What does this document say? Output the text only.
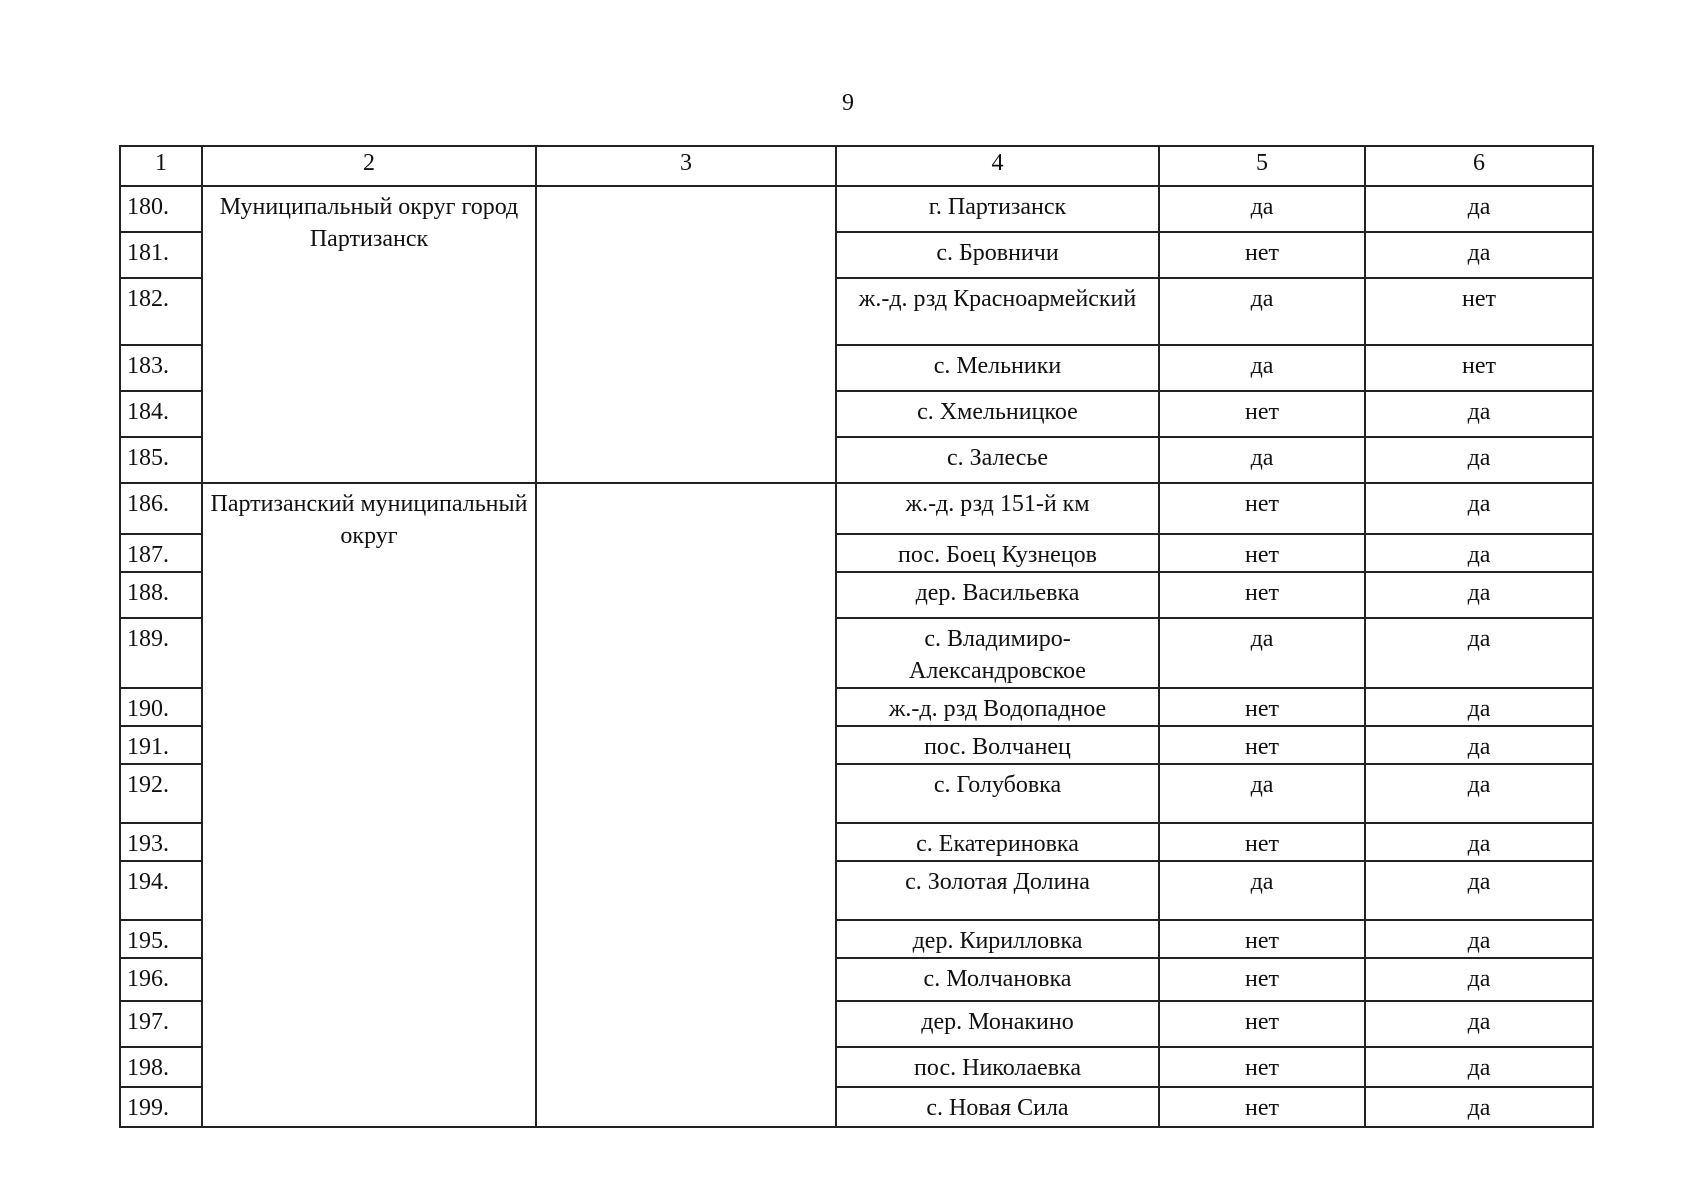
9
1	2	3	4	5	6
180.	Муниципальный округ город Партизанск		г. Партизанск	да	да
181.			с. Бровничи	нет	да
182.			ж.-д. рзд Красноармейский	да	нет
183.			с. Мельники	да	нет
184.			с. Хмельницкое	нет	да
185.			с. Залесье	да	да
186.	Партизанский муниципальный округ		ж.-д. рзд 151-й км	нет	да
187.			пос. Боец Кузнецов	нет	да
188.			дер. Васильевка	нет	да
189.			с. Владимиро-Александровское	да	да
190.			ж.-д. рзд Водопадное	нет	да
191.			пос. Волчанец	нет	да
192.			с. Голубовка	да	да
193.			с. Екатериновка	нет	да
194.			с. Золотая Долина	да	да
195.			дер. Кирилловка	нет	да
196.			с. Молчановка	нет	да
197.			дер. Монакино	нет	да
198.			пос. Николаевка	нет	да
199.			с. Новая Сила	нет	да
